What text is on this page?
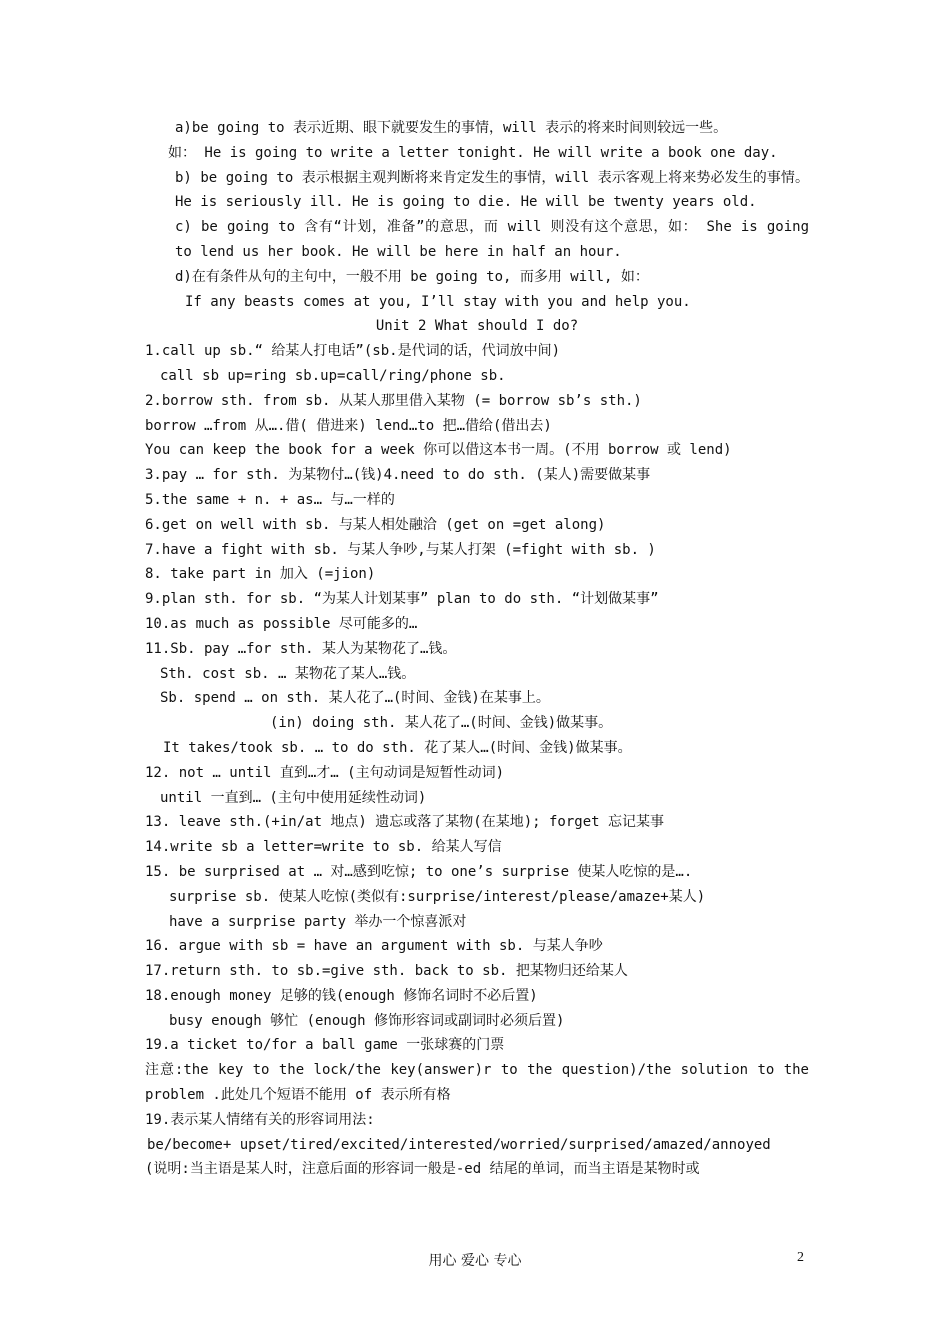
a)be going to 表示近期、眼下就要发生的事情，will 表示的将来时间则较远一些。
如： He is going to write a letter tonight. He will write a book one day.
b) be going to 表示根据主观判断将来肯定发生的事情，will 表示客观上将来势必发生的事情。 He is seriously ill. He is going to die. He will be twenty years old.
c) be going to 含有“计划，准备”的意思，而 will 则没有这个意思，如： She is going to lend us her book. He will be here in half an hour.
d)在有条件从句的主句中，一般不用 be going to, 而多用 will, 如：
If any beasts comes at you, I’ll stay with you and help you.
Unit 2 What should I do?
1.call up sb.“ 给某人打电话”(sb.是代词的话，代词放中间)
call sb up=ring sb.up=call/ring/phone sb.
2.borrow sth. from sb. 从某人那里借入某物 (= borrow sb’s sth.)
borrow …from 从….借( 借进来) lend…to 把…借给(借出去)
You can keep the book for a week 你可以借这本书一周。(不用 borrow 或 lend)
3.pay … for sth. 为某物付…(钱)4.need to do sth. (某人)需要做某事
5.the same + n. + as… 与…一样的
6.get on well with sb. 与某人相处融洽 (get on =get along)
7.have a fight with sb. 与某人争吵,与某人打架 (=fight with sb. )
8. take part in 加入 (=jion)
9.plan sth. for sb. “为某人计划某事” plan to do sth. “计划做某事”
10.as much as possible 尽可能多的…
11.Sb. pay …for sth. 某人为某物花了…钱。
Sth. cost sb. … 某物花了某人…钱。
Sb. spend … on sth. 某人花了…(时间、金钱)在某事上。
(in) doing sth. 某人花了…(时间、金钱)做某事。
It takes/took sb. … to do sth. 花了某人…(时间、金钱)做某事。
12. not … until 直到…才… (主句动词是短暂性动词)
until 一直到… (主句中使用延续性动词)
13. leave sth.(+in/at 地点) 遗忘或落了某物(在某地); forget 忘记某事
14.write sb a letter=write to sb. 给某人写信
15. be surprised at … 对…感到吃惊; to one’s surprise 使某人吃惊的是….
surprise sb. 使某人吃惊(类似有:surprise/interest/please/amaze+某人)
have a surprise party 举办一个惊喜派对
16. argue with sb = have an argument with sb. 与某人争吵
17.return sth. to sb.=give sth. back to sb. 把某物归还给某人
18.enough money 足够的钱(enough 修饰名词时不必后置)
busy enough 够忙 (enough 修饰形容词或副词时必须后置)
19.a ticket to/for a ball game 一张球赛的门票
注意:the key to the lock/the key(answer)r to the question)/the solution to the problem .此处几个短语不能用 of 表示所有格
19.表示某人情绪有关的形容词用法:
be/become+ upset/tired/excited/interested/worried/surprised/amazed/annoyed
(说明:当主语是某人时，注意后面的形容词一般是-ed 结尾的单词，而当主语是某物时或
用心 爱心 专心	2
